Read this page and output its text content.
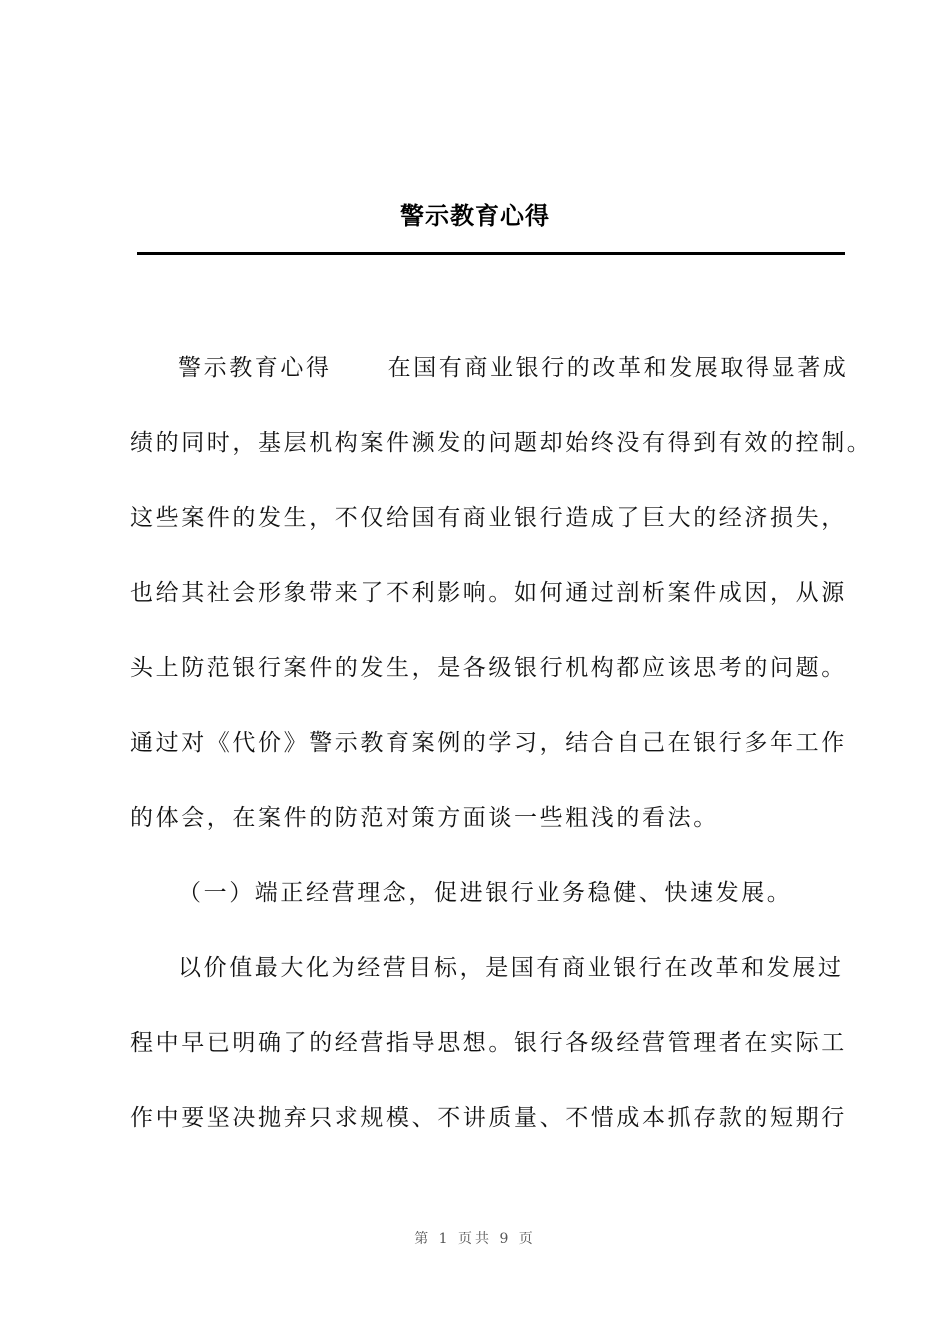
警示教育心得
警示教育心得 在国有商业银行的改革和发展取得显著成
绩的同时，基层机构案件濒发的问题却始终没有得到有效的控制。
这些案件的发生，不仅给国有商业银行造成了巨大的经济损失，
也给其社会形象带来了不利影响。如何通过剖析案件成因，从源
头上防范银行案件的发生，是各级银行机构都应该思考的问题。
通过对《代价》警示教育案例的学习，结合自己在银行多年工作
的体会，在案件的防范对策方面谈一些粗浅的看法。
（一）端正经营理念，促进银行业务稳健、快速发展。
以价值最大化为经营目标，是国有商业银行在改革和发展过
程中早已明确了的经营指导思想。银行各级经营管理者在实际工
作中要坚决抛弃只求规模、不讲质量、不惜成本抓存款的短期行
第 1 页共 9 页
